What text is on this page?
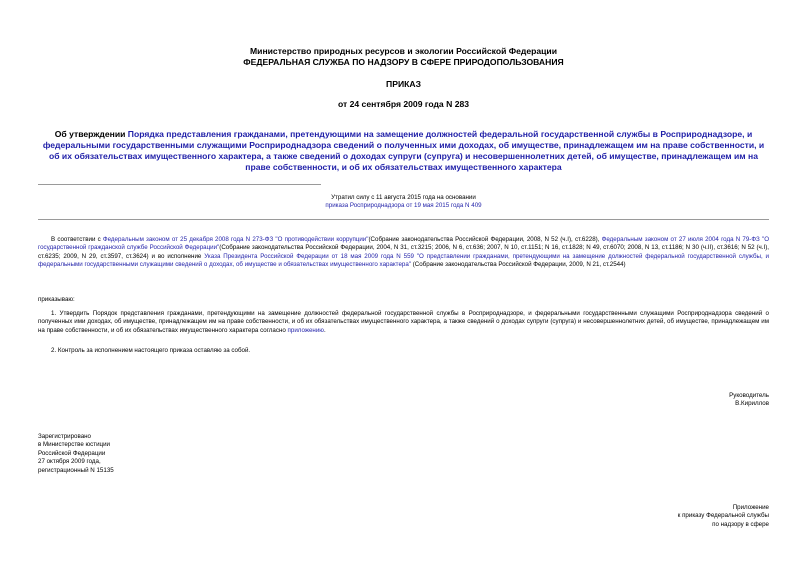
Министерство природных ресурсов и экологии Российской Федерации
ФЕДЕРАЛЬНАЯ СЛУЖБА ПО НАДЗОРУ В СФЕРЕ ПРИРОДОПОЛЬЗОВАНИЯ
ПРИКАЗ
от 24 сентября 2009 года N 283
Об утверждении Порядка представления гражданами, претендующими на замещение должностей федеральной государственной службы в Росприроднадзоре, и федеральными государственными служащими Росприроднадзора сведений о полученных ими доходах, об имуществе, принадлежащем им на праве собственности, и об их обязательствах имущественного характера, а также сведений о доходах супруги (супруга) и несовершеннолетних детей, об имуществе, принадлежащем им на праве собственности, и об их обязательствах имущественного характера
Утратил силу с 11 августа 2015 года на основании
приказа Росприроднадзора от 19 мая 2015 года N 409
В соответствии с Федеральным законом от 25 декабря 2008 года N 273-ФЗ "О противодействии коррупции"(Собрание законодательства Российской Федерации, 2008, N 52 (ч.I), ст.6228), Федеральным законом от 27 июля 2004 года N 79-ФЗ "О государственной гражданской службе Российской Федерации"(Собрание законодательства Российской Федерации, 2004, N 31, ст.3215; 2006, N 6, ст.636; 2007, N 10, ст.1151; N 16, ст.1828; N 49, ст.6070; 2008, N 13, ст.1186; N 30 (ч.II), ст.3616; N 52 (ч.I), ст.6235; 2009, N 29, ст.3597, ст.3624) и во исполнение Указа Президента Российской Федерации от 18 мая 2009 года N 559 "О представлении гражданами, претендующими на замещение должностей федеральной государственной службы, и федеральными государственными служащими сведений о доходах, об имуществе и обязательствах имущественного характера" (Собрание законодательства Российской Федерации, 2009, N 21, ст.2544)
приказываю:
1. Утвердить Порядок представления гражданами, претендующими на замещение должностей федеральной государственной службы в Росприроднадзоре, и федеральными государственными служащими Росприроднадзора сведений о полученных ими доходах, об имуществе, принадлежащем им на праве собственности, и об их обязательствах имущественного характера, а также сведений о доходах супруги (супруга) и несовершеннолетних детей, об имуществе, принадлежащем им на праве собственности, и об их обязательствах имущественного характера согласно приложению.
2. Контроль за исполнением настоящего приказа оставляю за собой.
Руководитель
В.Кириллов
Зарегистрировано
в Министерстве юстиции
Российской Федерации
27 октября 2009 года,
регистрационный N 15135
Приложение
к приказу Федеральной службы
по надзору в сфере
